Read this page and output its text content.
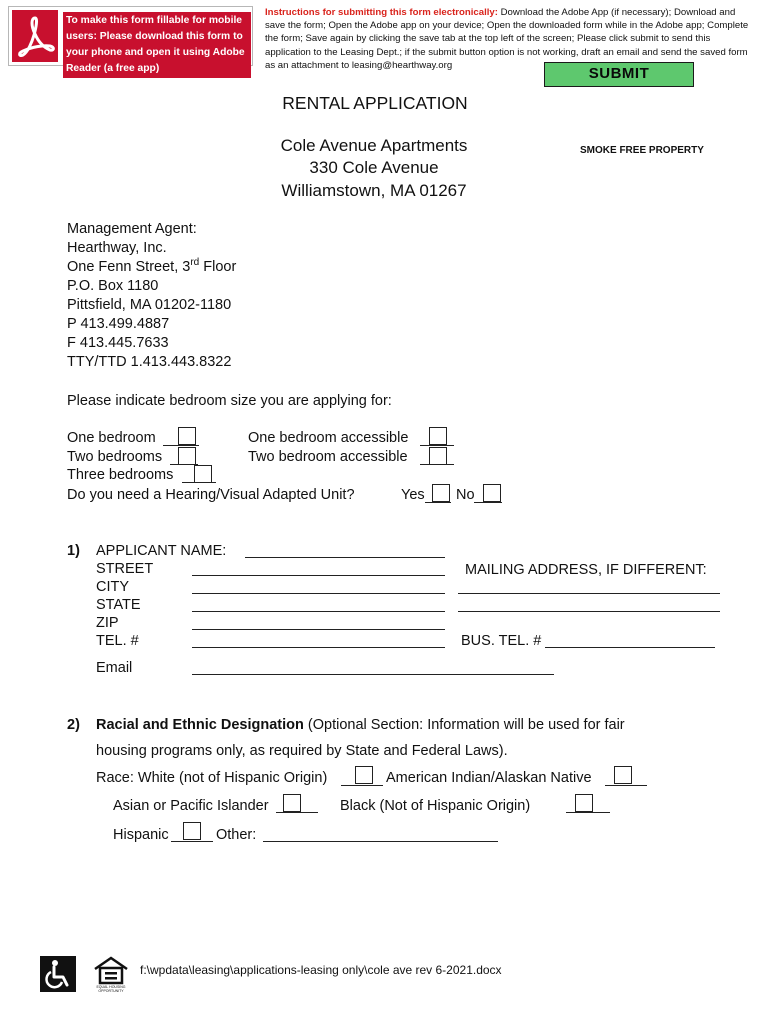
To make this form fillable for mobile users: Please download this form to your phone and open it using Adobe Reader (a free app)
Instructions for submitting this form electronically: Download the Adobe App (if necessary); Download and save the form; Open the Adobe app on your device; Open the downloaded form while in the Adobe app; Complete the form; Save again by clicking the save tab at the top left of the screen; Please click submit to send this application to the Leasing Dept.; if the submit button option is not working, draft an email and send the saved form as an attachment to leasing@hearthway.org	SUBMIT
RENTAL APPLICATION
Cole Avenue Apartments
330 Cole Avenue
Williamstown, MA 01267
SMOKE FREE PROPERTY
Management Agent:
Hearthway, Inc.
One Fenn Street, 3rd Floor
P.O. Box 1180
Pittsfield, MA 01202-1180
P 413.499.4887
F 413.445.7633
TTY/TTD 1.413.443.8322
Please indicate bedroom size you are applying for:
One bedroom	One bedroom accessible
Two bedrooms	Two bedroom accessible
Three bedrooms
Do you need a Hearing/Visual Adapted Unit?	Yes No
1) APPLICANT NAME:
STREET
CITY
STATE
ZIP
TEL. #
Email
MAILING ADDRESS, IF DIFFERENT:
BUS. TEL. #
2) Racial and Ethnic Designation (Optional Section: Information will be used for fair
housing programs only, as required by State and Federal Laws).
Race: White (not of Hispanic Origin)	American Indian/Alaskan Native
Asian or Pacific Islander	Black (Not of Hispanic Origin)
Hispanic	Other:
EQUAL HOUSING OPPORTUNITY
f:\wpdata\leasing\applications-leasing only\cole ave rev 6-2021.docx
